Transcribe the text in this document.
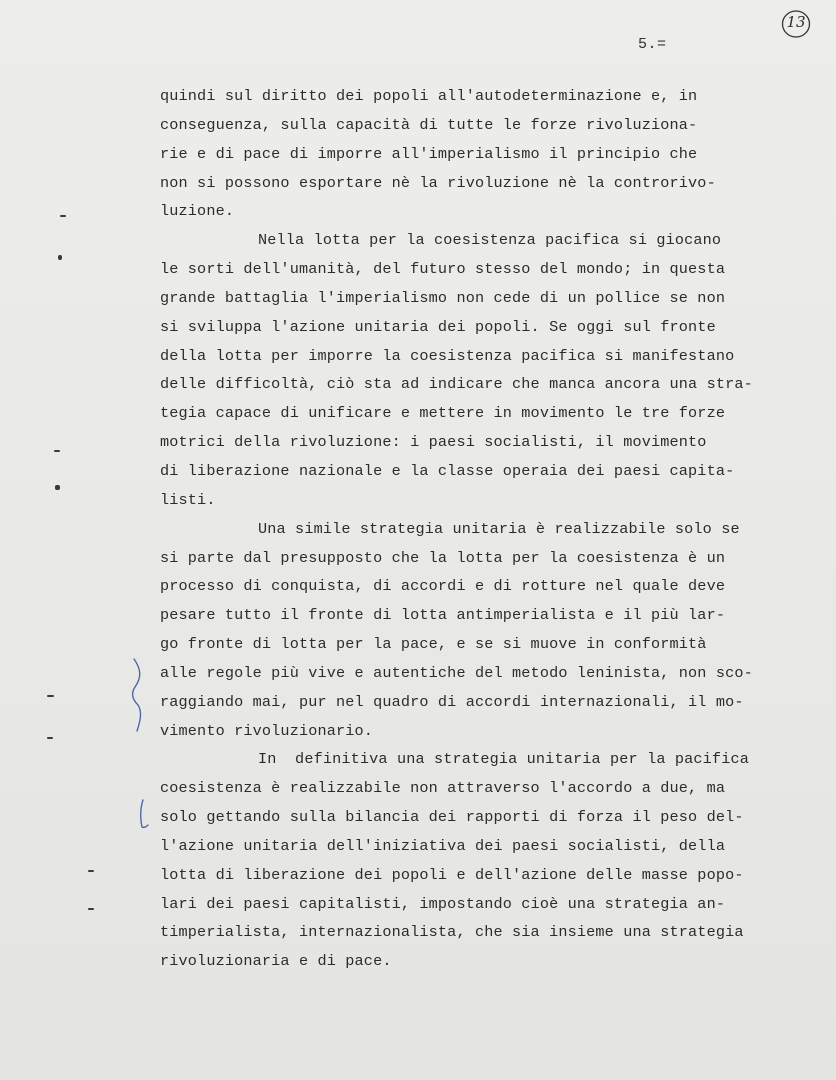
5.=
13
quindi sul diritto dei popoli all'autodeterminazione e, in
conseguenza, sulla capacità di tutte le forze rivoluziona-
rie e di pace di imporre all'imperialismo il principio che
non si possono esportare nè la rivoluzione nè la controrivo-
luzione.
Nella lotta per la coesistenza pacifica si giocano
le sorti dell'umanità, del futuro stesso del mondo; in questa
grande battaglia l'imperialismo non cede di un pollice se non
si sviluppa l'azione unitaria dei popoli. Se oggi sul fronte
della lotta per imporre la coesistenza pacifica si manifestano
delle difficoltà, ciò sta ad indicare che manca ancora una stra-
tegia capace di unificare e mettere in movimento le tre forze
motrici della rivoluzione: i paesi socialisti, il movimento
di liberazione nazionale e la classe operaia dei paesi capita-
listi.
Una simile strategia unitaria è realizzabile solo se
si parte dal presupposto che la lotta per la coesistenza è un
processo di conquista, di accordi e di rotture nel quale deve
pesare tutto il fronte di lotta antimperialista e il più lar-
go fronte di lotta per la pace, e se si muove in conformità
alle regole più vive e autentiche del metodo leninista, non sco-
raggiando mai, pur nel quadro di accordi internazionali, il mo-
vimento rivoluzionario.
In  definitiva una strategia unitaria per la pacifica
coesistenza è realizzabile non attraverso l'accordo a due, ma
solo gettando sulla bilancia dei rapporti di forza il peso del-
l'azione unitaria dell'iniziativa dei paesi socialisti, della
lotta di liberazione dei popoli e dell'azione delle masse popo-
lari dei paesi capitalisti, impostando cioè una strategia an-
timperialista, internazionalista, che sia insieme una strategia
rivoluzionaria e di pace.
